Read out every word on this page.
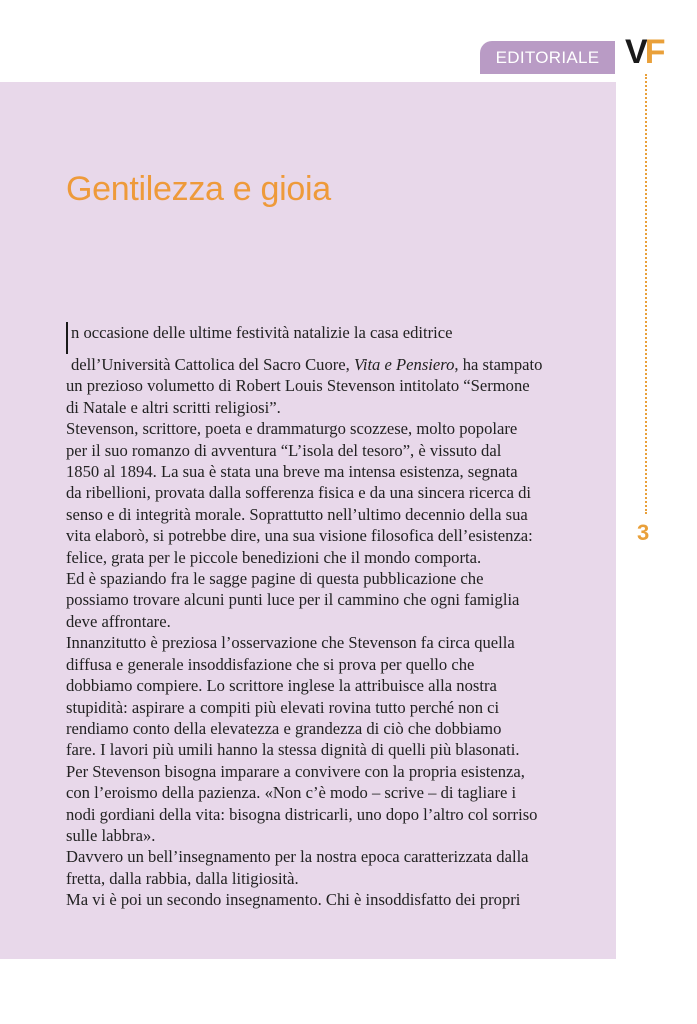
EDITORIALE VF
3
Gentilezza e gioia
n occasione delle ultime festività natalizie la casa editrice
dell’Università Cattolica del Sacro Cuore, Vita e Pensiero, ha stampato
un prezioso volumetto di Robert Louis Stevenson intitolato “Sermone
di Natale e altri scritti religiosi”.
Stevenson, scrittore, poeta e drammaturgo scozzese, molto popolare
per il suo romanzo di avventura “L’isola del tesoro”, è vissuto dal
1850 al 1894. La sua è stata una breve ma intensa esistenza, segnata
da ribellioni, provata dalla sofferenza fisica e da una sincera ricerca di
senso e di integrità morale. Soprattutto nell’ultimo decennio della sua
vita elaborò, si potrebbe dire, una sua visione filosofica dell’esistenza:
felice, grata per le piccole benedizioni che il mondo comporta.
Ed è spaziando fra le sagge pagine di questa pubblicazione che
possiamo trovare alcuni punti luce per il cammino che ogni famiglia
deve affrontare.
Innanzitutto è preziosa l’osservazione che Stevenson fa circa quella
diffusa e generale insoddisfazione che si prova per quello che
dobbiamo compiere. Lo scrittore inglese la attribuisce alla nostra
stupidità: aspirare a compiti più elevati rovina tutto perché non ci
rendiamo conto della elevatezza e grandezza di ciò che dobbiamo
fare. I lavori più umili hanno la stessa dignità di quelli più blasonati.
Per Stevenson bisogna imparare a convivere con la propria esistenza,
con l’eroismo della pazienza. «Non c’è modo – scrive – di tagliare i
nodi gordiani della vita: bisogna districarli, uno dopo l’altro col sorriso
sulle labbra».
Davvero un bell’insegnamento per la nostra epoca caratterizzata dalla
fretta, dalla rabbia, dalla litigiosità.
Ma vi è poi un secondo insegnamento. Chi è insoddisfatto dei propri
